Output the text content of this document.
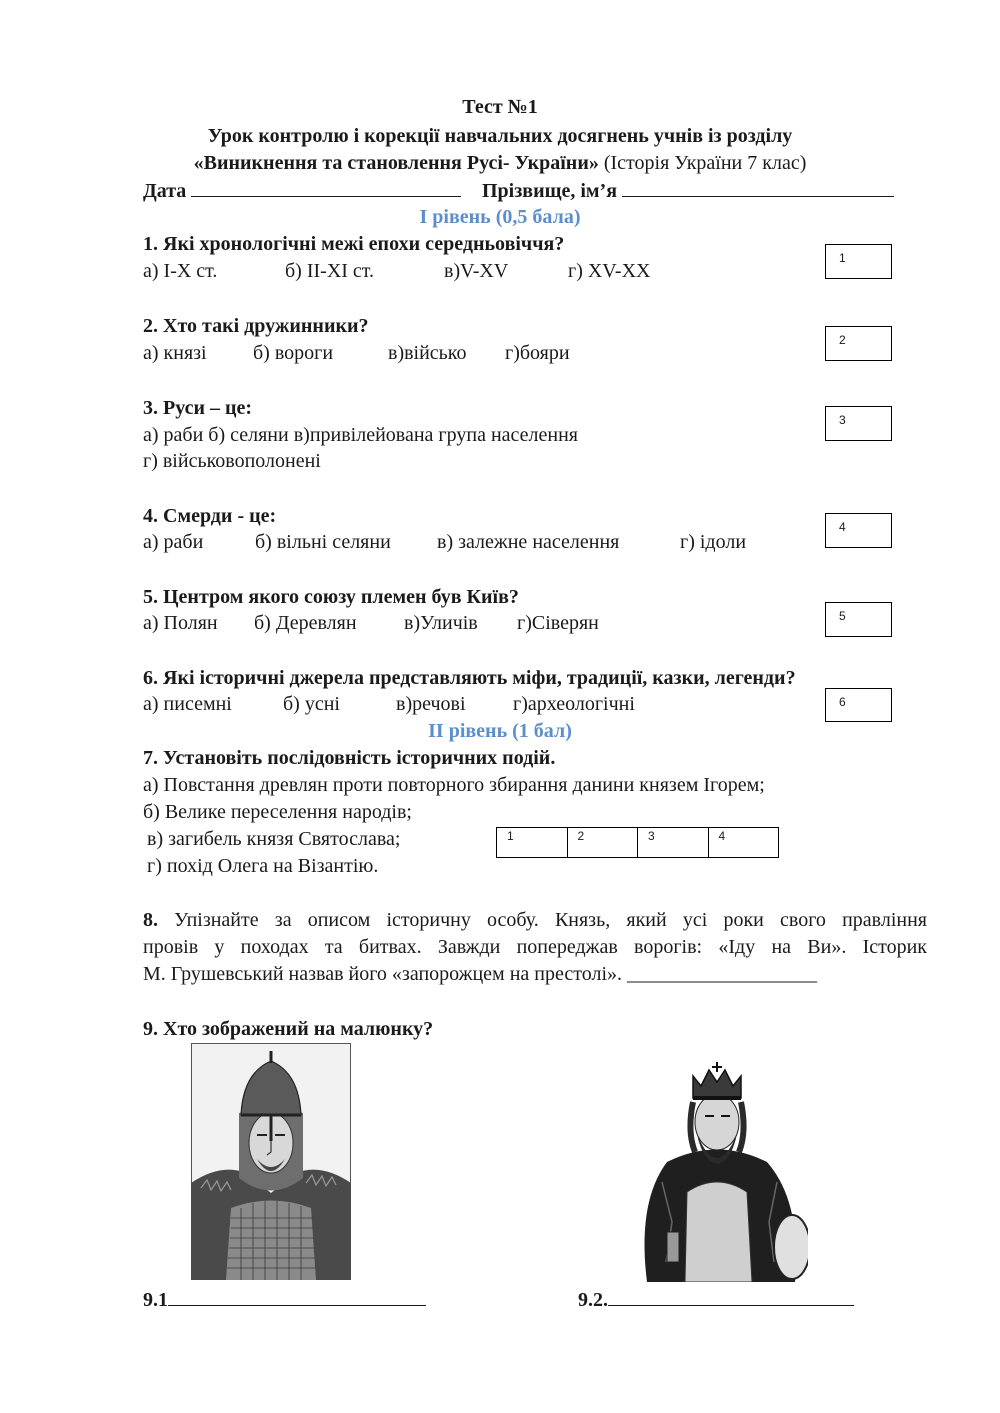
Тест №1
Урок контролю і корекції навчальних досягнень учнів із розділу
«Виникнення та становлення Русі- України» (Історія України 7 клас)
Дата	Прізвище, ім’я
І рівень (0,5 бала)
1. Які хронологічні межі епохи середньовіччя?
а) І-Х ст.	б) ІІ-ХІ ст.	в)V-XV	г) XV-XX
1
2. Хто такі дружинники?
а) князі б) вороги	в)військо г)бояри
2
3. Руси – це:
а) раби б) селяни в)привілейована група населення
г) військовополонені
3
4. Смерди - це:
а) раби	б) вільні селяни в) залежне населення	г) ідоли
4
5. Центром якого союзу племен був Київ?
а) Полян б) Деревлян в)Уличів г)Сіверян	5
6. Які історичні джерела представляють міфи, традиції, казки, легенди?
а) писемні	б) усні	в)речові г)археологічні	6
ІІ рівень (1 бал)
7. Установіть послідовність історичних подій.
а) Повстання древлян проти повторного збирання данини князем Ігорем;
б) Велике переселення народів;
в) загибель князя Святослава;
г) похід Олега на Візантію.
1	2	3	4
8. Упізнайте за описом історичну особу. Князь, який усі роки свого правління
провів у походах та битвах. Завжди попереджав ворогів: «Іду на Ви». Історик
М. Грушевський назвав його «запорожцем на престолі». ___________________
9. Хто зображений на малюнку?
9.1	9.2.
